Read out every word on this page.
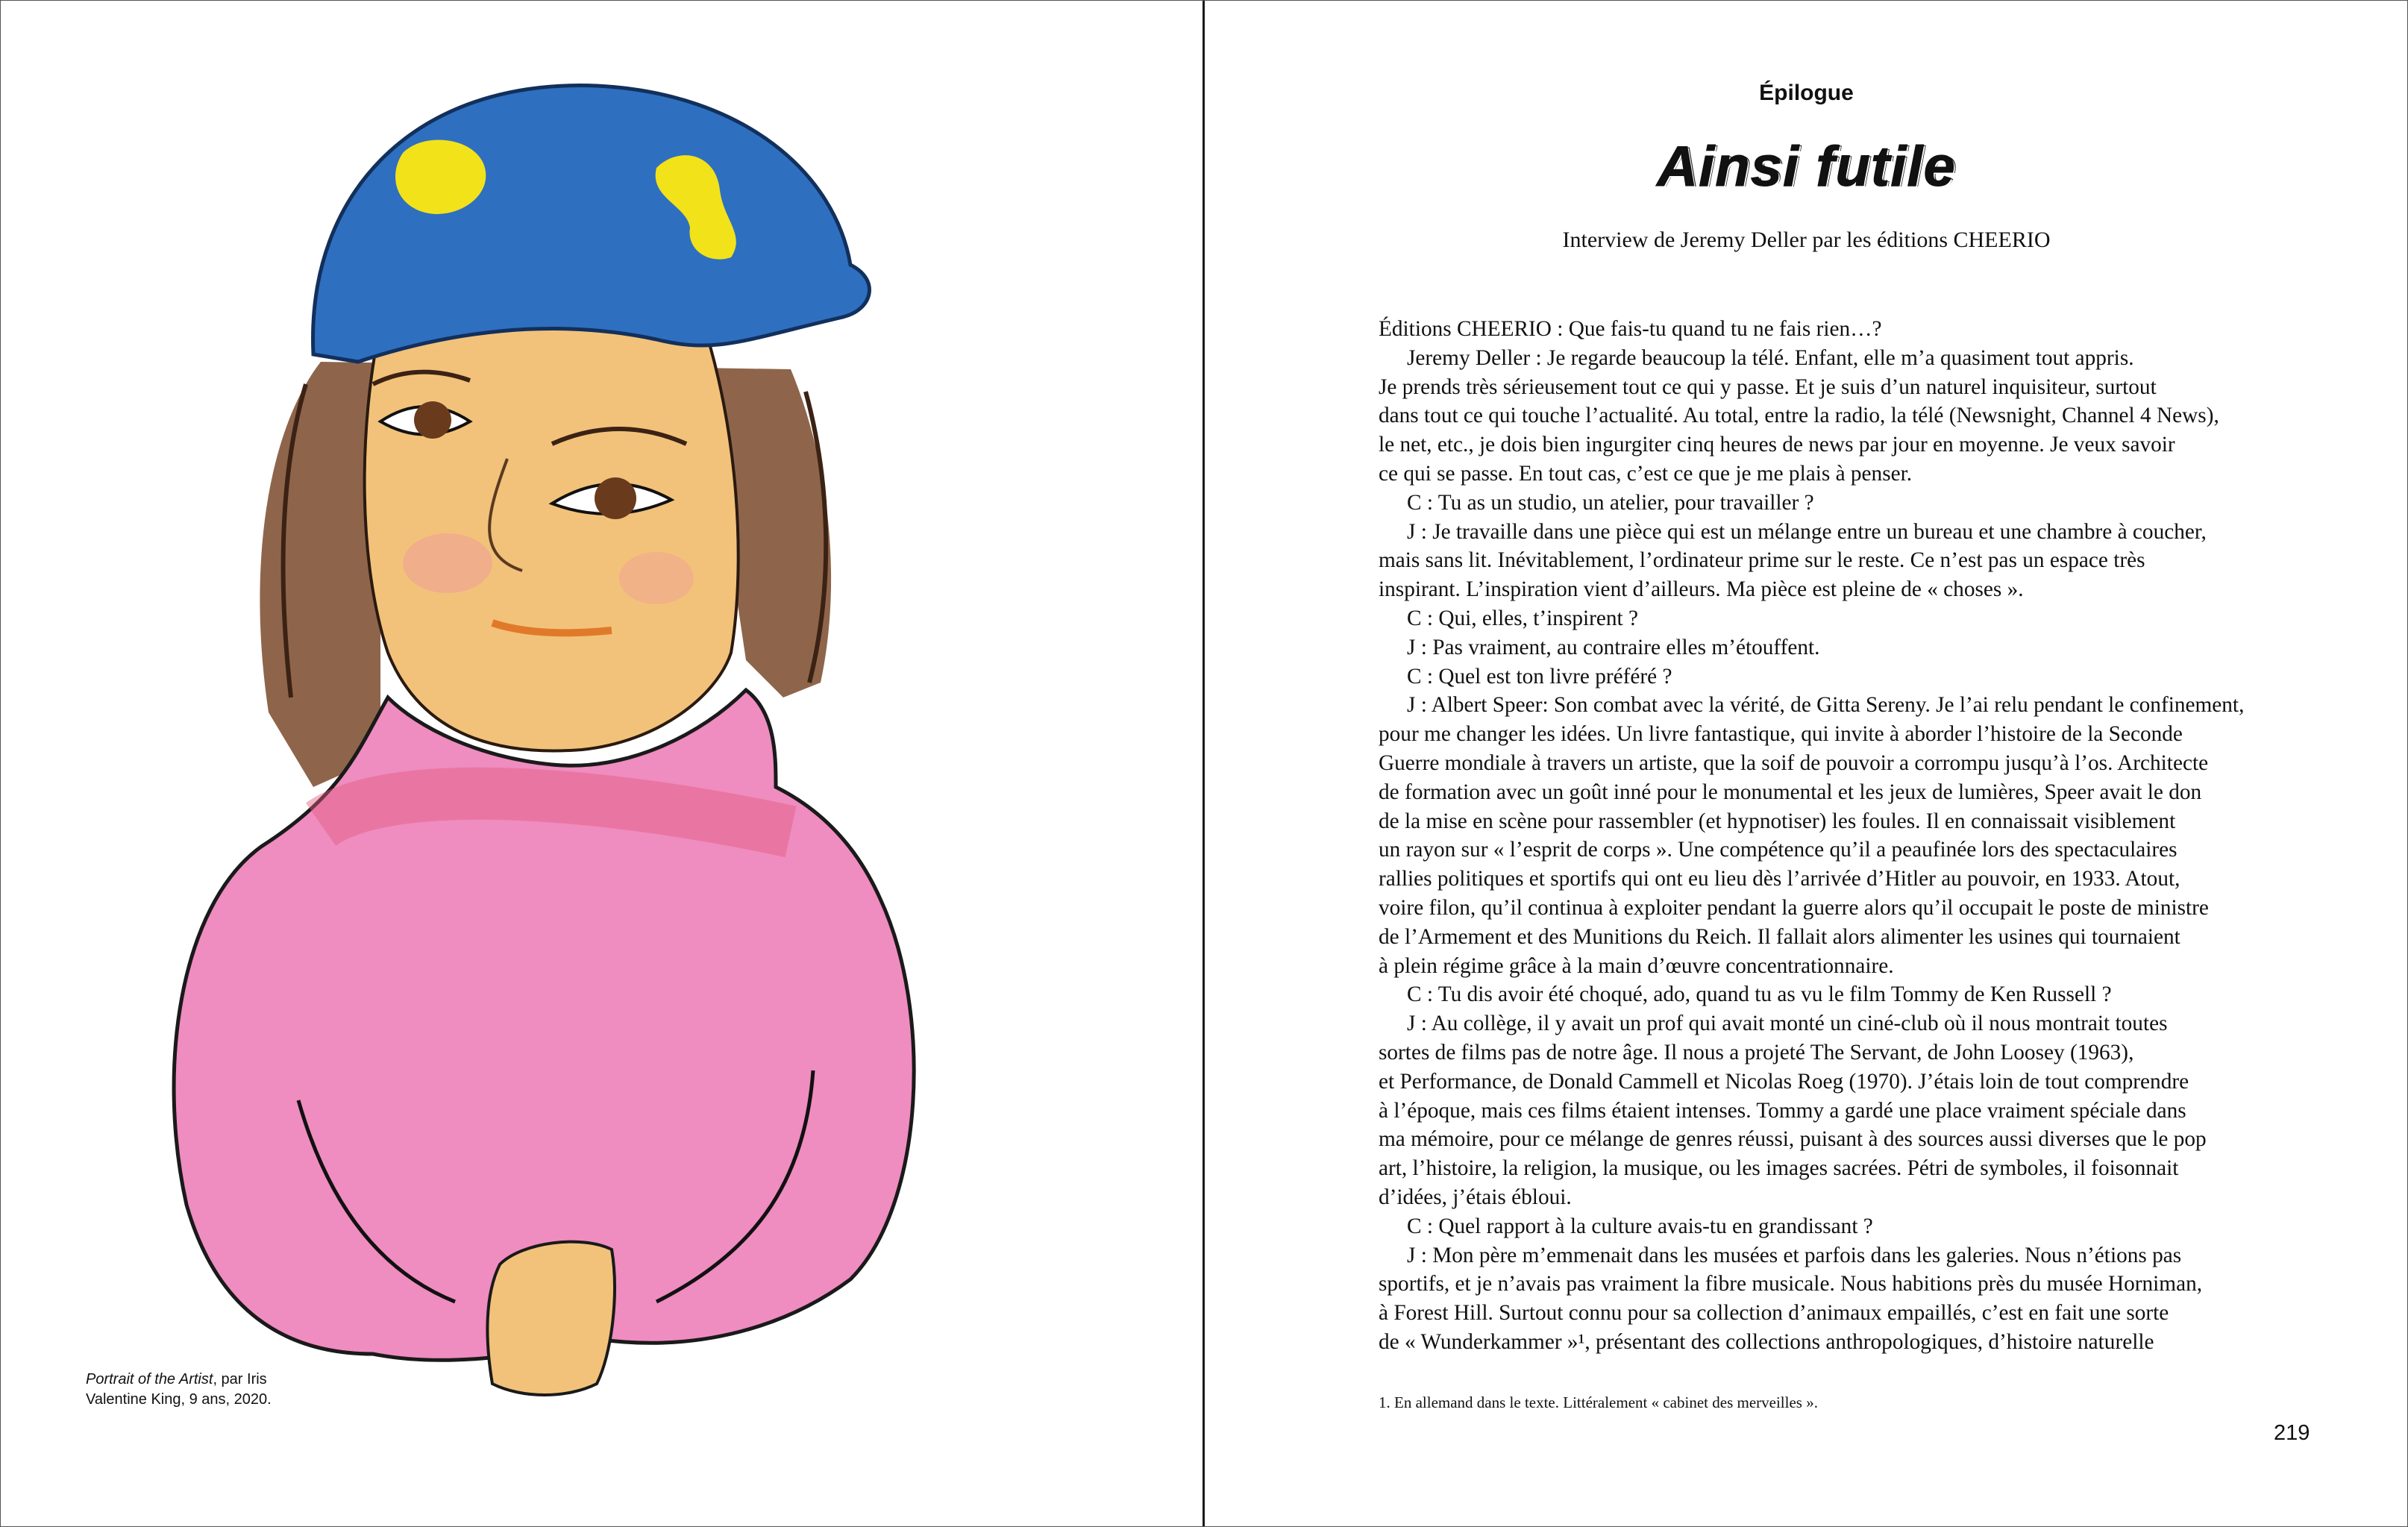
Portrait of the Artist, par Iris
Valentine King, 9 ans, 2020.
Épilogue
Ainsi futile
Interview de Jeremy Deller par les éditions CHEERIO

Éditions CHEERIO : Que fais-tu quand tu ne fais rien…?

Jeremy Deller : Je regarde beaucoup la télé. Enfant, elle m’a quasiment tout appris.

Je prends très sérieusement tout ce qui y passe. Et je suis d’un naturel inquisiteur, surtout

dans tout ce qui touche l’actualité. Au total, entre la radio, la télé (Newsnight, Channel 4 News),

le net, etc., je dois bien ingurgiter cinq heures de news par jour en moyenne. Je veux savoir

ce qui se passe. En tout cas, c’est ce que je me plais à penser.

C : Tu as un studio, un atelier, pour travailler ?

J : Je travaille dans une pièce qui est un mélange entre un bureau et une chambre à coucher,

mais sans lit. Inévitablement, l’ordinateur prime sur le reste. Ce n’est pas un espace très

inspirant. L’inspiration vient d’ailleurs. Ma pièce est pleine de « choses ».

C : Qui, elles, t’inspirent ?

J : Pas vraiment, au contraire elles m’étouffent.

C : Quel est ton livre préféré ?

J : Albert Speer: Son combat avec la vérité, de Gitta Sereny. Je l’ai relu pendant le confinement,

pour me changer les idées. Un livre fantastique, qui invite à aborder l’histoire de la Seconde

Guerre mondiale à travers un artiste, que la soif de pouvoir a corrompu jusqu’à l’os. Architecte

de formation avec un goût inné pour le monumental et les jeux de lumières, Speer avait le don

de la mise en scène pour rassembler (et hypnotiser) les foules. Il en connaissait visiblement

un rayon sur « l’esprit de corps ». Une compétence qu’il a peaufinée lors des spectaculaires

rallies politiques et sportifs qui ont eu lieu dès l’arrivée d’Hitler au pouvoir, en 1933. Atout,

voire filon, qu’il continua à exploiter pendant la guerre alors qu’il occupait le poste de ministre

de l’Armement et des Munitions du Reich. Il fallait alors alimenter les usines qui tournaient

à plein régime grâce à la main d’œuvre concentrationnaire.

C : Tu dis avoir été choqué, ado, quand tu as vu le film Tommy de Ken Russell ?

J : Au collège, il y avait un prof qui avait monté un ciné-club où il nous montrait toutes

sortes de films pas de notre âge. Il nous a projeté The Servant, de John Loosey (1963),

et Performance, de Donald Cammell et Nicolas Roeg (1970). J’étais loin de tout comprendre

à l’époque, mais ces films étaient intenses. Tommy a gardé une place vraiment spéciale dans

ma mémoire, pour ce mélange de genres réussi, puisant à des sources aussi diverses que le pop

art, l’histoire, la religion, la musique, ou les images sacrées. Pétri de symboles, il foisonnait

d’idées, j’étais ébloui.

C : Quel rapport à la culture avais-tu en grandissant ?

J : Mon père m’emmenait dans les musées et parfois dans les galeries. Nous n’étions pas

sportifs, et je n’avais pas vraiment la fibre musicale. Nous habitions près du musée Horniman,

à Forest Hill. Surtout connu pour sa collection d’animaux empaillés, c’est en fait une sorte

de « Wunderkammer »¹, présentant des collections anthropologiques, d’histoire naturelle

1. En allemand dans le texte. Littéralement « cabinet des merveilles ».
219
